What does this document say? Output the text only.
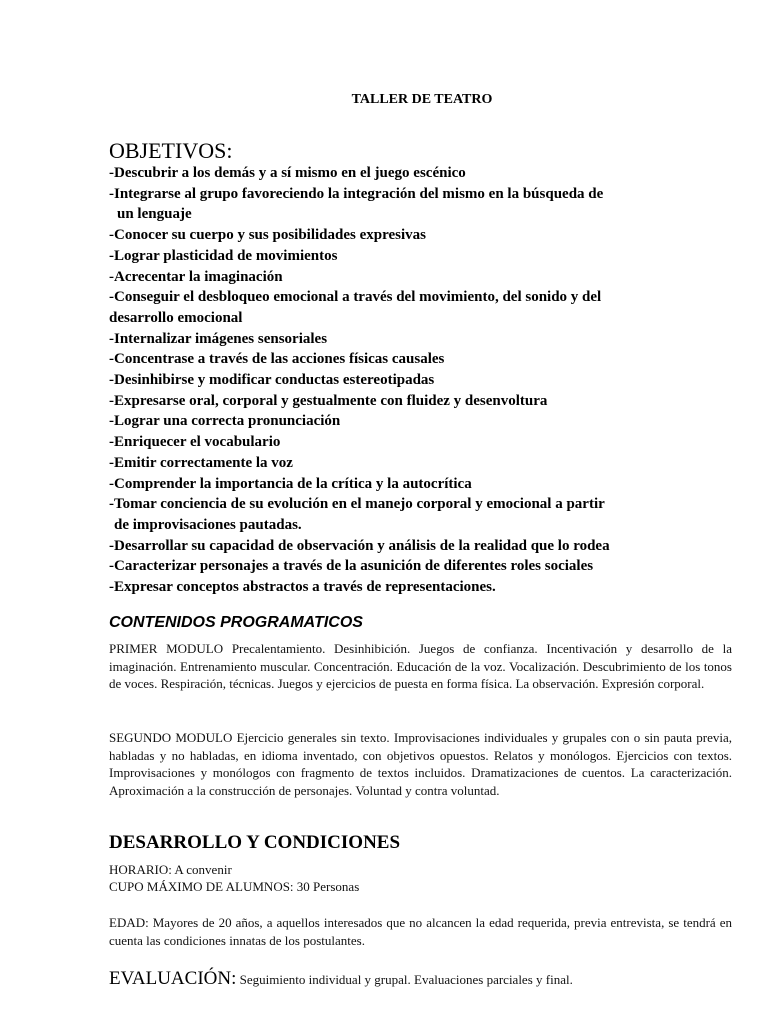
TALLER DE TEATRO
OBJETIVOS:
-Descubrir a los demás y a sí mismo en el juego escénico
-Integrarse al grupo favoreciendo la integración del mismo en la búsqueda de
un lenguaje
-Conocer su cuerpo y sus posibilidades expresivas
-Lograr plasticidad de movimientos
-Acrecentar la imaginación
-Conseguir el desbloqueo emocional a través del movimiento, del sonido y del
desarrollo emocional
-Internalizar imágenes sensoriales
-Concentrase a través de las acciones físicas causales
-Desinhibirse y modificar conductas estereotipadas
-Expresarse oral, corporal y gestualmente con fluidez y desenvoltura
-Lograr una correcta pronunciación
-Enriquecer el vocabulario
-Emitir correctamente la voz
-Comprender la importancia de la crítica y la autocrítica
-Tomar conciencia de su evolución en el manejo corporal y emocional a partir
de improvisaciones pautadas.
-Desarrollar su capacidad de observación y análisis de la realidad que lo rodea
-Caracterizar personajes a través de la asunición de diferentes roles sociales
-Expresar conceptos abstractos a través de representaciones.
CONTENIDOS PROGRAMATICOS

PRIMER MODULO Precalentamiento. Desinhibición. Juegos de confianza. Incentivación y desarrollo de la imaginación. Entrenamiento muscular. Concentración. Educación de la voz. Vocalización. Descubrimiento de los tonos de voces. Respiración, técnicas. Juegos y ejercicios de puesta en forma física. La observación. Expresión corporal.

SEGUNDO MODULO Ejercicio generales sin texto. Improvisaciones individuales y grupales con o sin pauta previa, habladas y no habladas, en idioma inventado, con objetivos opuestos. Relatos y monólogos. Ejercicios con textos. Improvisaciones y monólogos con fragmento de textos incluidos. Dramatizaciones de cuentos. La caracterización. Aproximación a la construcción de personajes. Voluntad y contra voluntad.

DESARROLLO Y CONDICIONES
HORARIO: A convenir
CUPO MÁXIMO DE ALUMNOS: 30 Personas

EDAD: Mayores de 20 años, a aquellos interesados que no alcancen la edad requerida, previa entrevista, se tendrá en cuenta las condiciones innatas de los postulantes.

EVALUACIÓN: Seguimiento individual y grupal. Evaluaciones parciales y final.
